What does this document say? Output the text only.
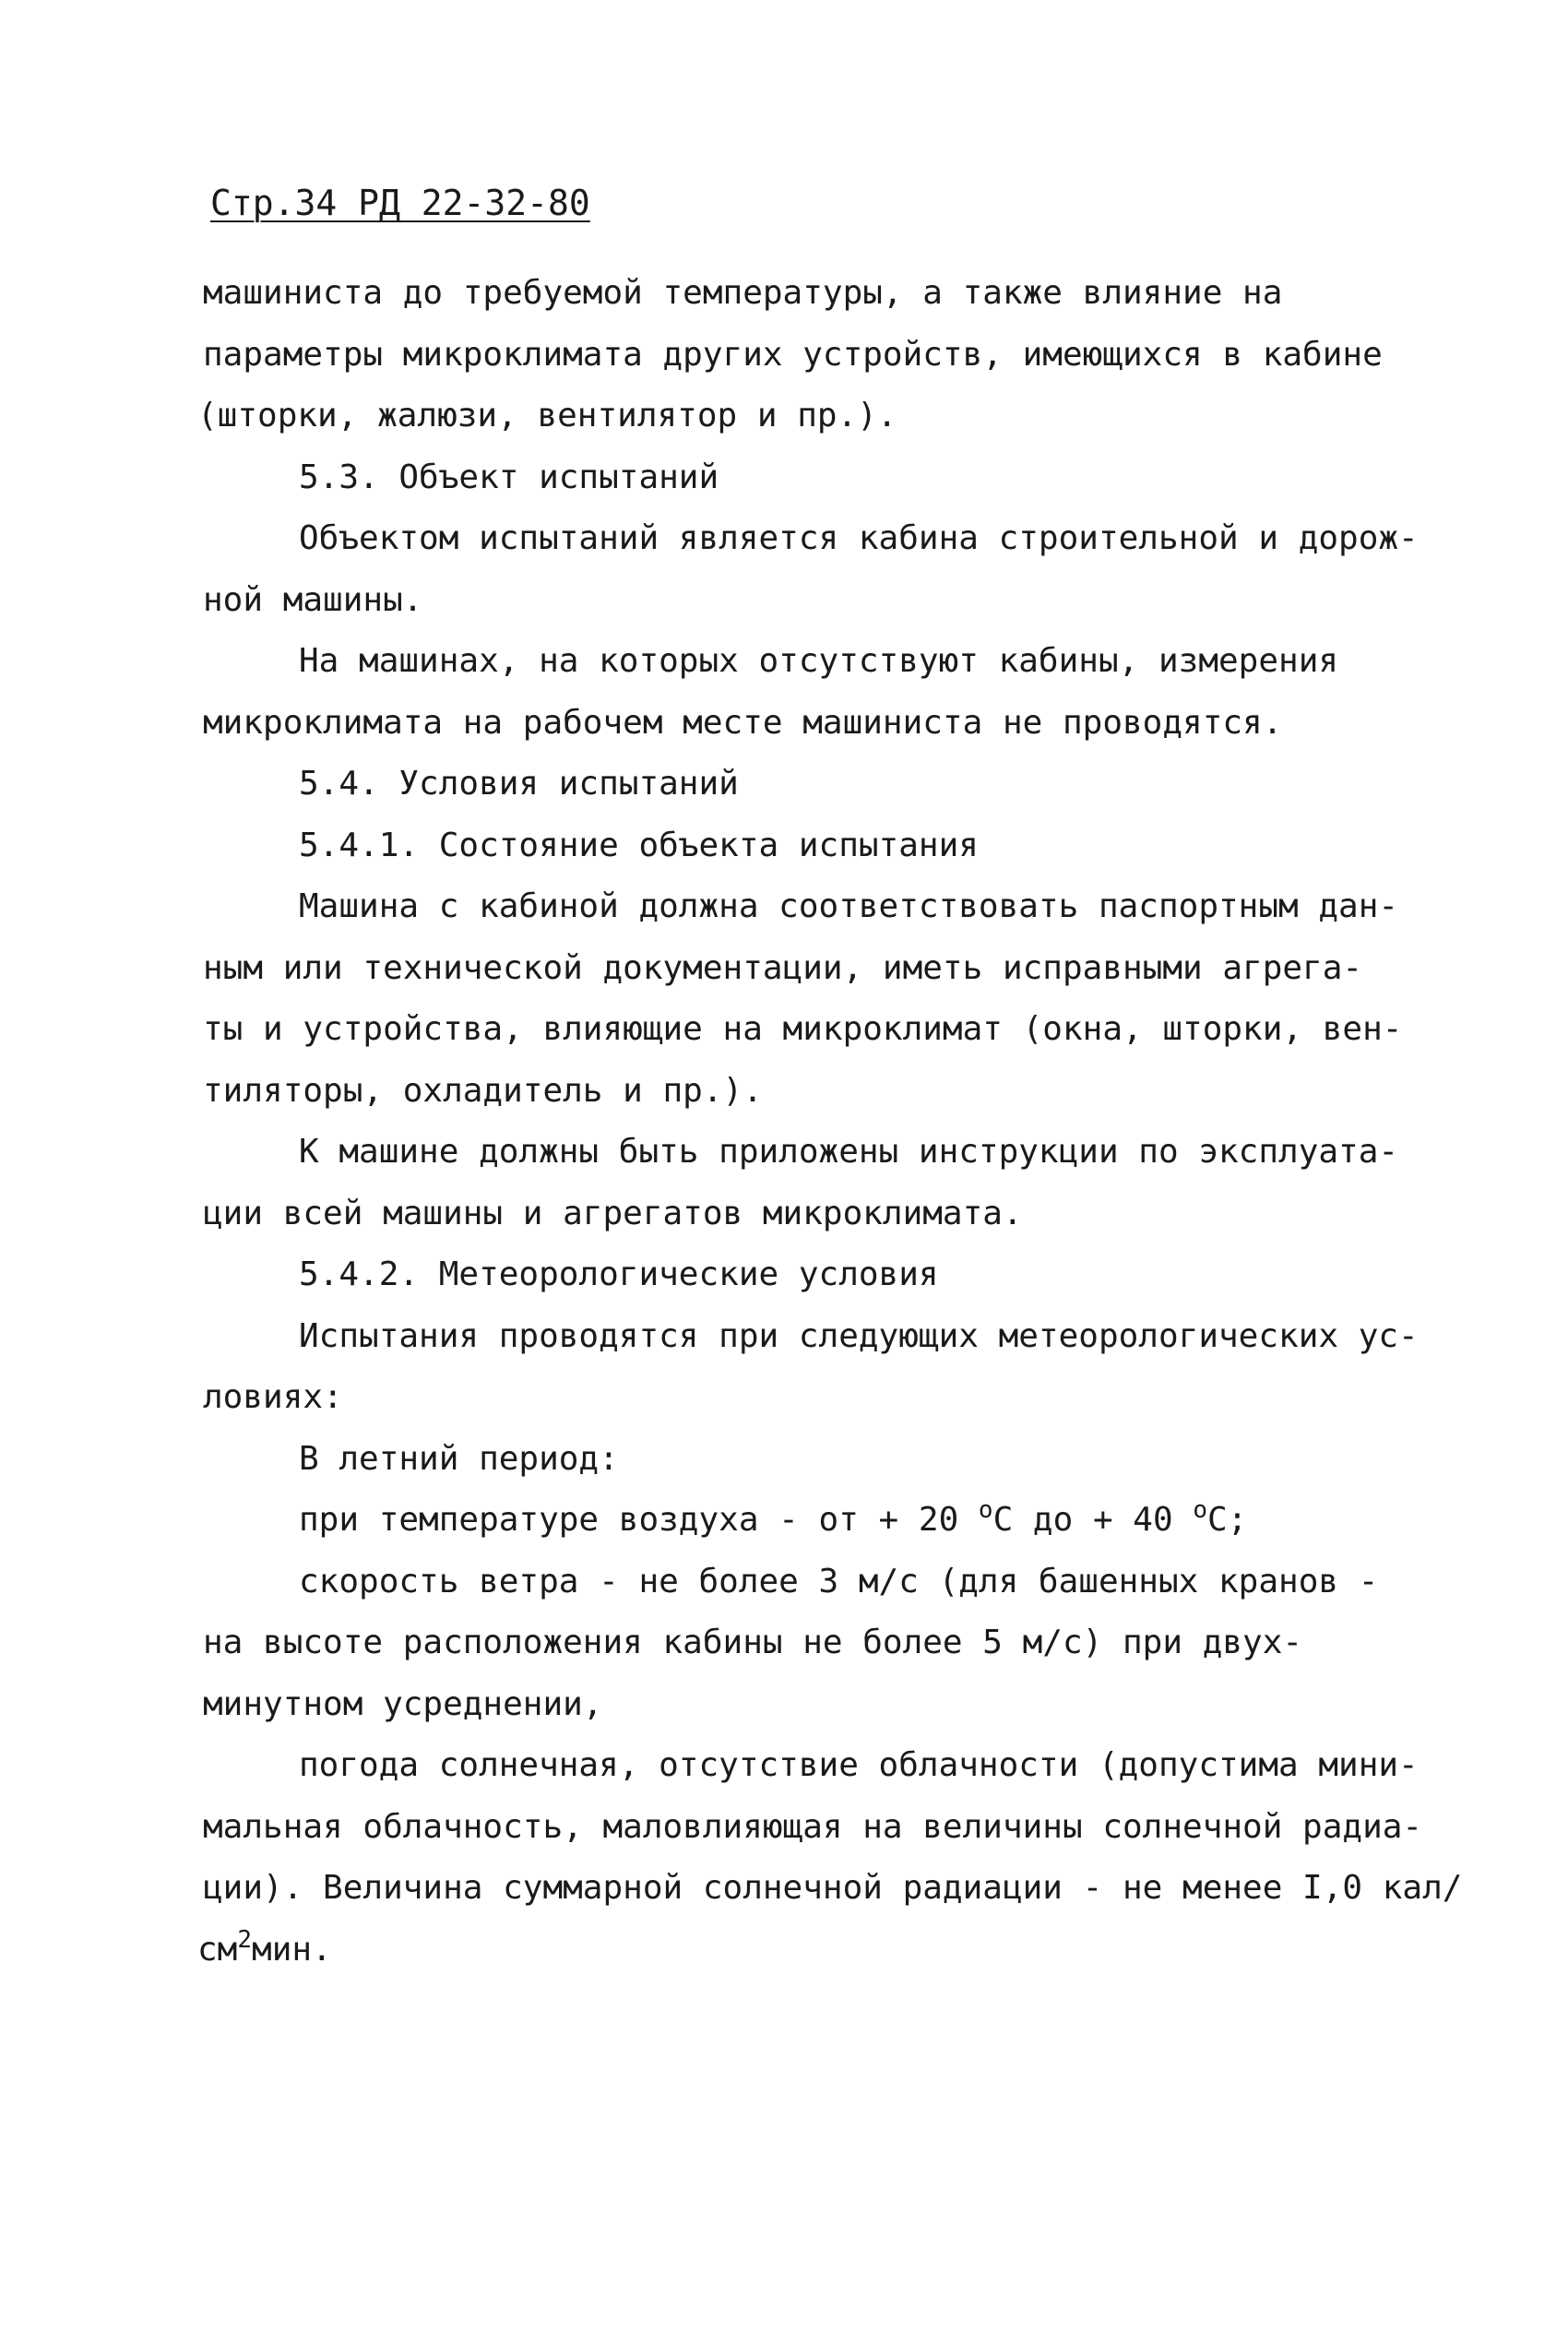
Стр.34 РД 22-32-80
машиниста до требуемой температуры, а также влияние на
параметры микроклимата других устройств, имеющихся в кабине
(шторки, жалюзи, вентилятор и пр.).
5.3. Объект испытаний
Объектом испытаний является кабина строительной и дорож-
ной машины.
На машинах, на которых отсутствуют кабины, измерения
микроклимата на рабочем месте машиниста не проводятся.
5.4. Условия испытаний
5.4.1. Состояние объекта испытания
Машина с кабиной должна соответствовать паспортным дан-
ным или технической документации, иметь исправными агрега-
ты и устройства, влияющие на микроклимат (окна, шторки, вен-
тиляторы, охладитель и пр.).
К машине должны быть приложены инструкции по эксплуата-
ции всей машины и агрегатов микроклимата.
5.4.2. Метеорологические условия
Испытания проводятся при следующих метеорологических ус-
ловиях:
В летний период:
при температуре воздуха - от + 20 $^o$C до + 40 $^o$C;
скорость ветра - не более 3 м/с (для башенных кранов -
на высоте расположения кабины не более 5 м/с) при двух-
минутном усреднении,
погода солнечная, отсутствие облачности (допустима мини-
мальная облачность, маловлияющая на величины солнечной радиа-
ции). Величина суммарной солнечной радиации - не менее I,0 кал/
$см^2мин$.
